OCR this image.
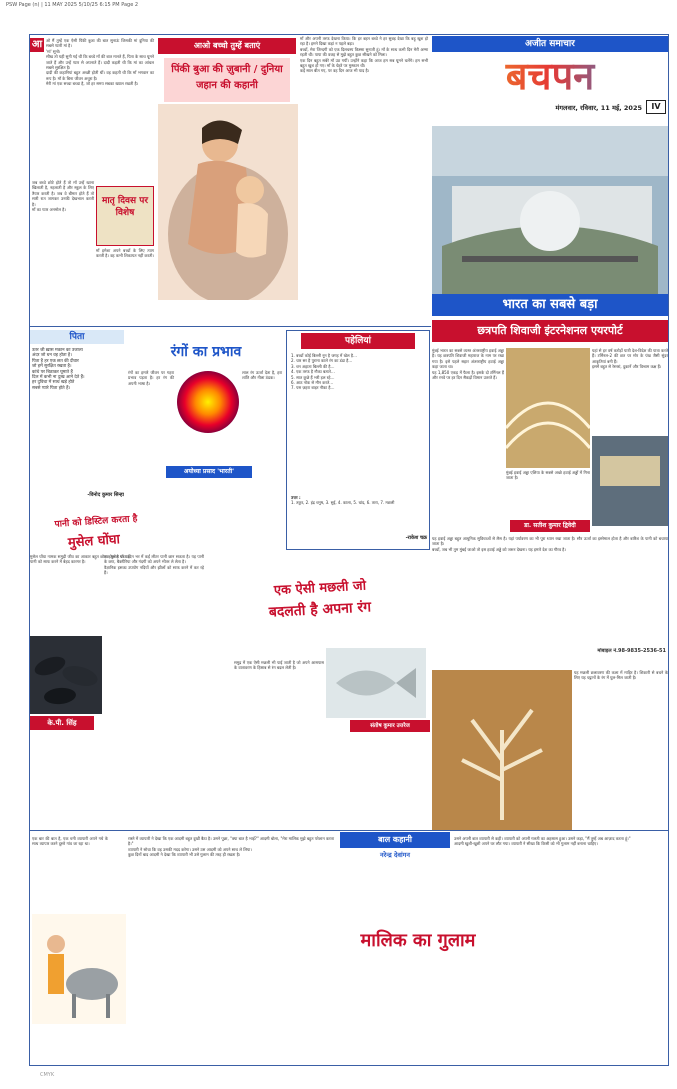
PSW Page (n) | 11 MAY 2025 5/10/25 6:15 PM Page 2
आ ओ मैं तुम्हें एक ऐसी पिंकी बुआ की बात सुनाऊं जिसकी मां दुनिया की सबसे प्यारी मां है।
'मां' सुनो।
सीख तो यही सुनी गई थी कि बच्चे माँ की बात मानते हैं, पिता के साथ घूमने जाते हैं और उन्हें प्यार से अपनाते हैं। दादी कहती थी कि मां का आंचल सबसे सुरक्षित है।
दादी की कहानियां बहुत अच्छी होती थीं। वह कहती थी कि माँ भगवान का रूप है। माँ के बिना जीवन अधूरा है।
मेरी मां एक सच्चा बच्चा है, जो हर समय सबका ख्याल रखती है।
जब बच्चे छोटे होते हैं तो माँ उन्हें खाना खिलाती है, नहलाती है और स्कूल के लिए तैयार करती है। जब वे बीमार होते हैं तो सारी रात जागकर उनकी देखभाल करती है।
माँ का प्यार अनमोल है।
मातृ दिवस पर विशेष
माँ हमेशा अपने बच्चों के लिए त्याग करती है। वह कभी शिकायत नहीं करती।
आओ बच्चो तुम्हें बताएं
पिंकी बुआ की ज़ुबानी / दुनिया जहान की कहानी
माँ और अपनी तरफ देखना किया। कि हर बहन बच्चे ने हर सुबह देखा कि बहू खुश हो रहा है। हमने दिखा कहां न पहले बड़ा।
बच्चों, मेरा जिन्दगी को एक दिलचस्प किस्सा सुनाती हूं। माँ के साथ कभी दिन मेरी अम्मा रहती थी। पापा की वजह से मुझे बहुत कुछ सीखने को मिला।
एक दिन बहुत सबेरे माँ उठ गयीं। उन्होंने कहा कि आज हम सब घूमने चलेंगे। हम सभी बहुत खुश हो गए। माँ के चेहरे पर मुस्कान थी।
कई साल बीत गए, पर वह दिन आज भी याद है।
अजीत समाचार
बचपन
मंगलवार, रविवार, 11 मई, 2025	IV
भारत का सबसे बड़ा
छत्रपति शिवाजी इंटरनेशनल एयरपोर्ट
मुंबई भारत का सबसे व्यस्त अंतरराष्ट्रीय हवाई अड्डा है। यह छत्रपति शिवाजी महाराज के नाम पर रखा गया है। इसे पहले सहार अंतरराष्ट्रीय हवाई अड्डा कहा जाता था।
यह 1,850 एकड़ में फैला है। इसके दो टर्मिनल हैं और रनवे पर हर दिन सैकड़ों विमान उतरते हैं।
यहां से हर वर्ष करोड़ों यात्री देश-विदेश की यात्रा करते हैं। टर्मिनल-2 की छत पर मोर के पंख जैसी सुंदर आकृतियां बनी हैं।
इसमें बहुत से रेस्तरां, दुकानें और विश्राम कक्ष हैं।
मुंबई हवाई अड्डा एशिया के सबसे अच्छे हवाई अड्डों में गिना जाता है।
डा. सतीश कुमार द्विवेदी
यह हवाई अड्डा बहुत आधुनिक सुविधाओं से लैस है। यहां पर्यावरण का भी पूरा ध्यान रखा जाता है। सौर ऊर्जा का इस्तेमाल होता है और बारिश के पानी को बचाया जाता है।
बच्चों, जब भी तुम मुंबई जाओ तो इस हवाई अड्डे को जरूर देखना। यह हमारे देश का गौरव है।
मोबाइल नं.98-9835-2536-51
पिता
उतर जी ख़ास मकान का उजाला
अंदर जो धन वह होता है।
पिता है हर एक छत की दीवार
जो हमें सुरक्षित रखता है।
कांधे पर बिठाकर घूमाते हैं
दिल में कभी ना दुःख आने देते हैं।
हर दुविधा में साथ खड़े होते
सबसे प्यारे पिता होते हैं।
-विनोद कुमार सिन्हा
रंगों का प्रभाव
रंगों का हमारे जीवन पर गहरा प्रभाव पड़ता है। हर रंग की अपनी भाषा है।
लाल रंग ऊर्जा देता है, हरा शांति और नीला ठंडक।
अयोध्या प्रसाद 'भारती'
पहेलियां
1. बच्चों कोई बिल्ली नून है जगह में खेल है…
2. चार सर है पुराना काले रंग का डंडा है…
3. धन अहाता बिल्ली की है…
4. एक तरफ है नौका बताते…
5. सात कुछे हैं भरी हल रहे…
6. आठ नोक से मौन करते…
7. पस ज़हरा बाहर नौका है…
उत्तर :
1. तकुर, 2. इंद्र धनुष, 3. सुई, 4. काला, 5. चांद, 6. तारा, 7. मछली
-राकेश चक्र
पानी को डिस्टिल करता है
मुसेल घोंघा
मुसेल घोंघा नामक समुद्री जीव का आकार बहुत छोटा होता है पर यह पानी को साफ करने में बेहद कारगर है।
एक मुसेल घोंघा दिन भर में कई लीटर पानी छान सकता है। यह पानी के कण, बैक्टीरिया और गंदगी को अपने भीतर ले लेता है।
वैज्ञानिक इसका उपयोग नदियों और झीलों को साफ करने में कर रहे हैं।
के.पी. सिंह
एक ऐसी मछली जो
बदलती है अपना रंग
समुद्र में एक ऐसी मछली भी पाई जाती है जो अपने आसपास के वातावरण के हिसाब से रंग बदल लेती है।
संतोष कुमार उत्तरेज
यह मछली छलावरण की कला में माहिर है। शिकारी से बचने के लिए यह चट्टानों के रंग में घुल-मिल जाती है।
बाल कहानी
नरेन्द्र देवांगन
मालिक का गुलाम
एक बार की बात है, एक धनी व्यापारी अपने गधे के साथ व्यापार करने दूसरे गांव जा रहा था।
रास्ते में व्यापारी ने देखा कि एक आदमी बहुत दुखी बैठा है। उसने पूछा, "क्या बात है भाई?" आदमी बोला, "मेरा मालिक मुझे बहुत परेशान करता है।"
व्यापारी ने सोचा कि वह उसकी मदद करेगा। उसने उस आदमी को अपने साथ ले लिया।
कुछ दिनों बाद आदमी ने देखा कि व्यापारी भी उसे गुलाम की तरह ही रखता है।
उसने अपनी बात व्यापारी से कही। व्यापारी को अपनी गलती का अहसास हुआ। उसने कहा, "मैं तुम्हें अब आज़ाद करता हूं।"
आदमी खुशी-खुशी अपने घर लौट गया। व्यापारी ने सीखा कि किसी को भी गुलाम नहीं बनाना चाहिए।
CMYK
